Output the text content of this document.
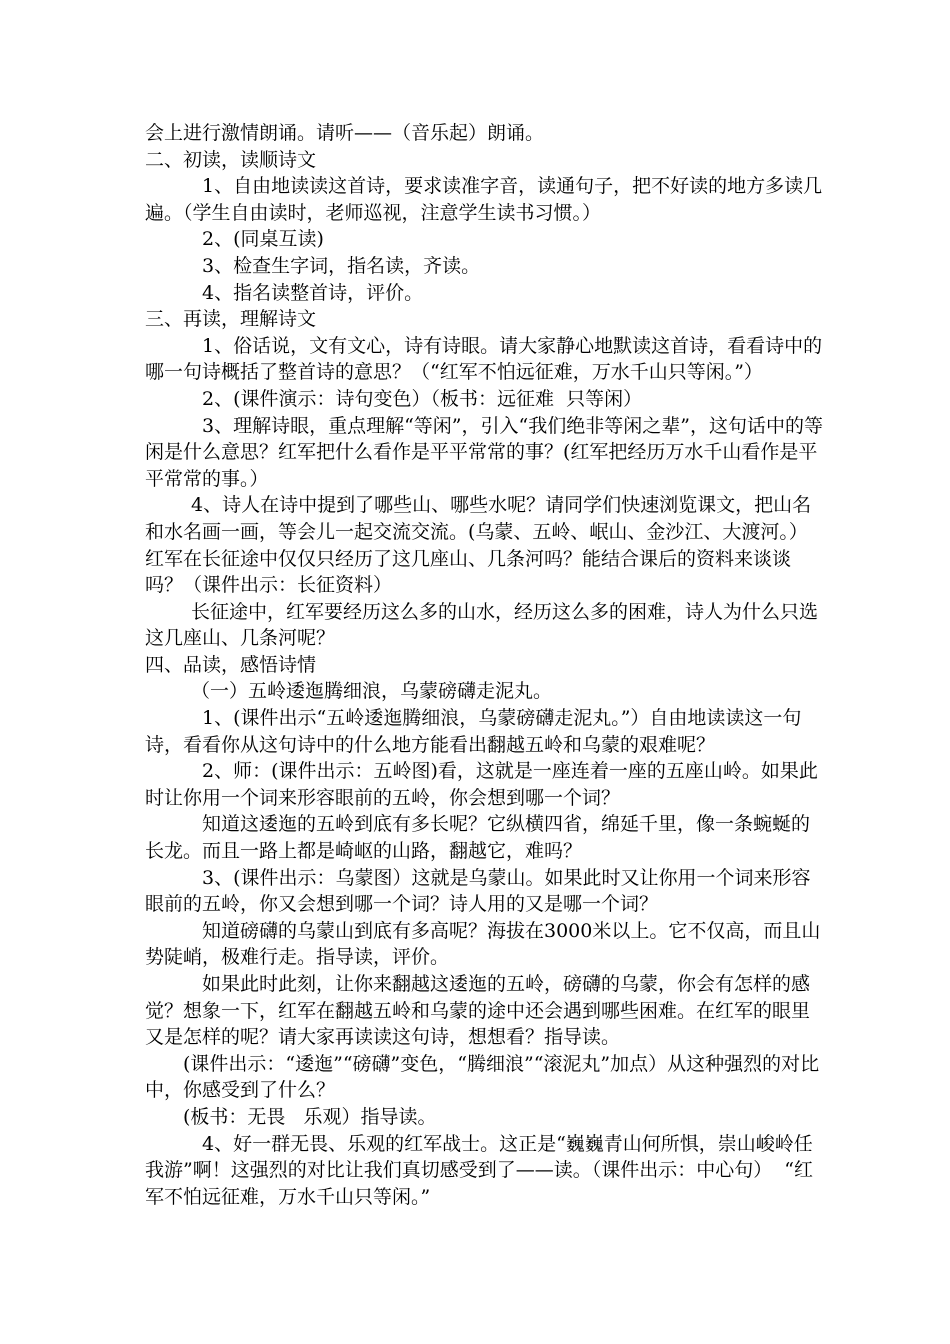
会上进行激情朗诵。请听——（音乐起）朗诵。

二、初读，读顺诗文

1、自由地读读这首诗，要求读准字音，读通句子，把不好读的地方多读几遍。（学生自由读时，老师巡视，注意学生读书习惯。）

2、(同桌互读)

3、检查生字词，指名读，齐读。

4、指名读整首诗，评价。

三、再读，理解诗文

1、俗话说，文有文心，诗有诗眼。请大家静心地默读这首诗，看看诗中的哪一句诗概括了整首诗的意思？（“红军不怕远征难，万水千山只等闲。”）

2、(课件演示：诗句变色）（板书：远征难  只等闲）

3、理解诗眼，重点理解“等闲”，引入“我们绝非等闲之辈”，这句话中的等闲是什么意思？红军把什么看作是平平常常的事？(红军把经历万水千山看作是平平常常的事。）

4、诗人在诗中提到了哪些山、哪些水呢？请同学们快速浏览课文，把山名和水名画一画，等会儿一起交流交流。(乌蒙、五岭、岷山、金沙江、大渡河。）红军在长征途中仅仅只经历了这几座山、几条河吗？能结合课后的资料来谈谈吗？（课件出示：长征资料）

长征途中，红军要经历这么多的山水，经历这么多的困难，诗人为什么只选这几座山、几条河呢？

四、品读，感悟诗情

（一）五岭逶迤腾细浪，乌蒙磅礴走泥丸。

1、(课件出示“五岭逶迤腾细浪，乌蒙磅礴走泥丸。”）自由地读读这一句诗，看看你从这句诗中的什么地方能看出翻越五岭和乌蒙的艰难呢？

2、师：(课件出示：五岭图)看，这就是一座连着一座的五座山岭。如果此时让你用一个词来形容眼前的五岭，你会想到哪一个词？

知道这逶迤的五岭到底有多长呢？它纵横四省，绵延千里，像一条蜿蜒的长龙。而且一路上都是崎岖的山路，翻越它，难吗？

3、(课件出示：乌蒙图）这就是乌蒙山。如果此时又让你用一个词来形容眼前的五岭，你又会想到哪一个词？诗人用的又是哪一个词？

知道磅礴的乌蒙山到底有多高呢？海拔在3000米以上。它不仅高，而且山势陡峭，极难行走。指导读，评价。

如果此时此刻，让你来翻越这逶迤的五岭，磅礴的乌蒙，你会有怎样的感觉？想象一下，红军在翻越五岭和乌蒙的途中还会遇到哪些困难。在红军的眼里又是怎样的呢？请大家再读读这句诗，想想看？指导读。

(课件出示：“逶迤”“磅礴”变色，“腾细浪”“滚泥丸”加点）从这种强烈的对比中，你感受到了什么？

(板书：无畏   乐观）指导读。

4、好一群无畏、乐观的红军战士。这正是“巍巍青山何所惧，崇山峻岭任我游”啊！这强烈的对比让我们真切感受到了——读。（课件出示：中心句）  “红军不怕远征难，万水千山只等闲。”
